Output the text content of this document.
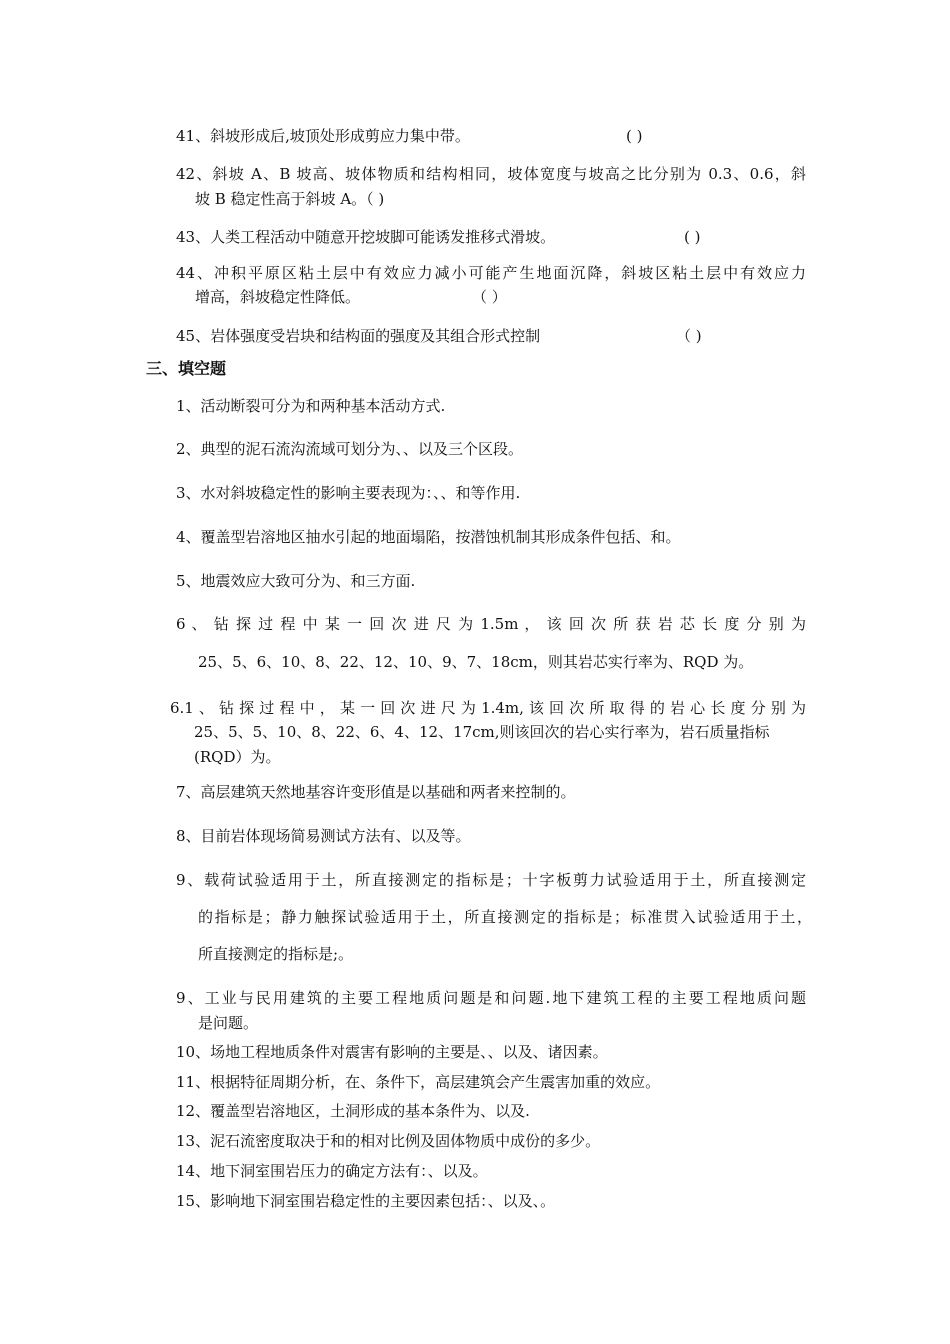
41、斜坡形成后,坡顶处形成剪应力集中带。	( )
42、斜坡 A、B 坡高、坡体物质和结构相同，坡体宽度与坡高之比分别为 0.3、0.6，斜
坡 B 稳定性高于斜坡 A。（ )
43、人类工程活动中随意开挖坡脚可能诱发推移式滑坡。	( )
44、冲积平原区粘土层中有效应力减小可能产生地面沉降，斜坡区粘土层中有效应力
增高，斜坡稳定性降低。	（ ）
45、岩体强度受岩块和结构面的强度及其组合形式控制	（ )
三、填空题
1、活动断裂可分为和两种基本活动方式.
2、典型的泥石流沟流域可划分为、、以及三个区段。
3、水对斜坡稳定性的影响主要表现为：、、和等作用.
4、覆盖型岩溶地区抽水引起的地面塌陷，按潜蚀机制其形成条件包括、和。
5、地震效应大致可分为、和三方面.
6 、 钻 探 过 程 中 某 一 回 次 进 尺 为 1.5m ， 该 回 次 所 获 岩 芯 长 度 分 别 为
25、5、6、10、8、22、12、10、9、7、18cm，则其岩芯实行率为、RQD 为。
6.1 、 钻 探 过 程 中 ， 某 一 回 次 进 尺 为 1.4m, 该 回 次 所 取 得 的 岩 心 长 度 分 别 为
25、5、5、10、8、22、6、4、12、17cm,则该回次的岩心实行率为，岩石质量指标
(RQD）为。
7、高层建筑天然地基容许变形值是以基础和两者来控制的。
8、目前岩体现场简易测试方法有、以及等。
9、载荷试验适用于土，所直接测定的指标是；十字板剪力试验适用于土，所直接测定
的指标是；静力触探试验适用于土，所直接测定的指标是；标准贯入试验适用于土，
所直接测定的指标是;。
9、工业与民用建筑的主要工程地质问题是和问题.地下建筑工程的主要工程地质问题
是问题。
10、场地工程地质条件对震害有影响的主要是、、以及、诸因素。
11、根据特征周期分析，在、条件下，高层建筑会产生震害加重的效应。
12、覆盖型岩溶地区，土洞形成的基本条件为、以及.
13、泥石流密度取决于和的相对比例及固体物质中成份的多少。
14、地下洞室围岩压力的确定方法有：、以及。
15、影响地下洞室围岩稳定性的主要因素包括：、以及、。
